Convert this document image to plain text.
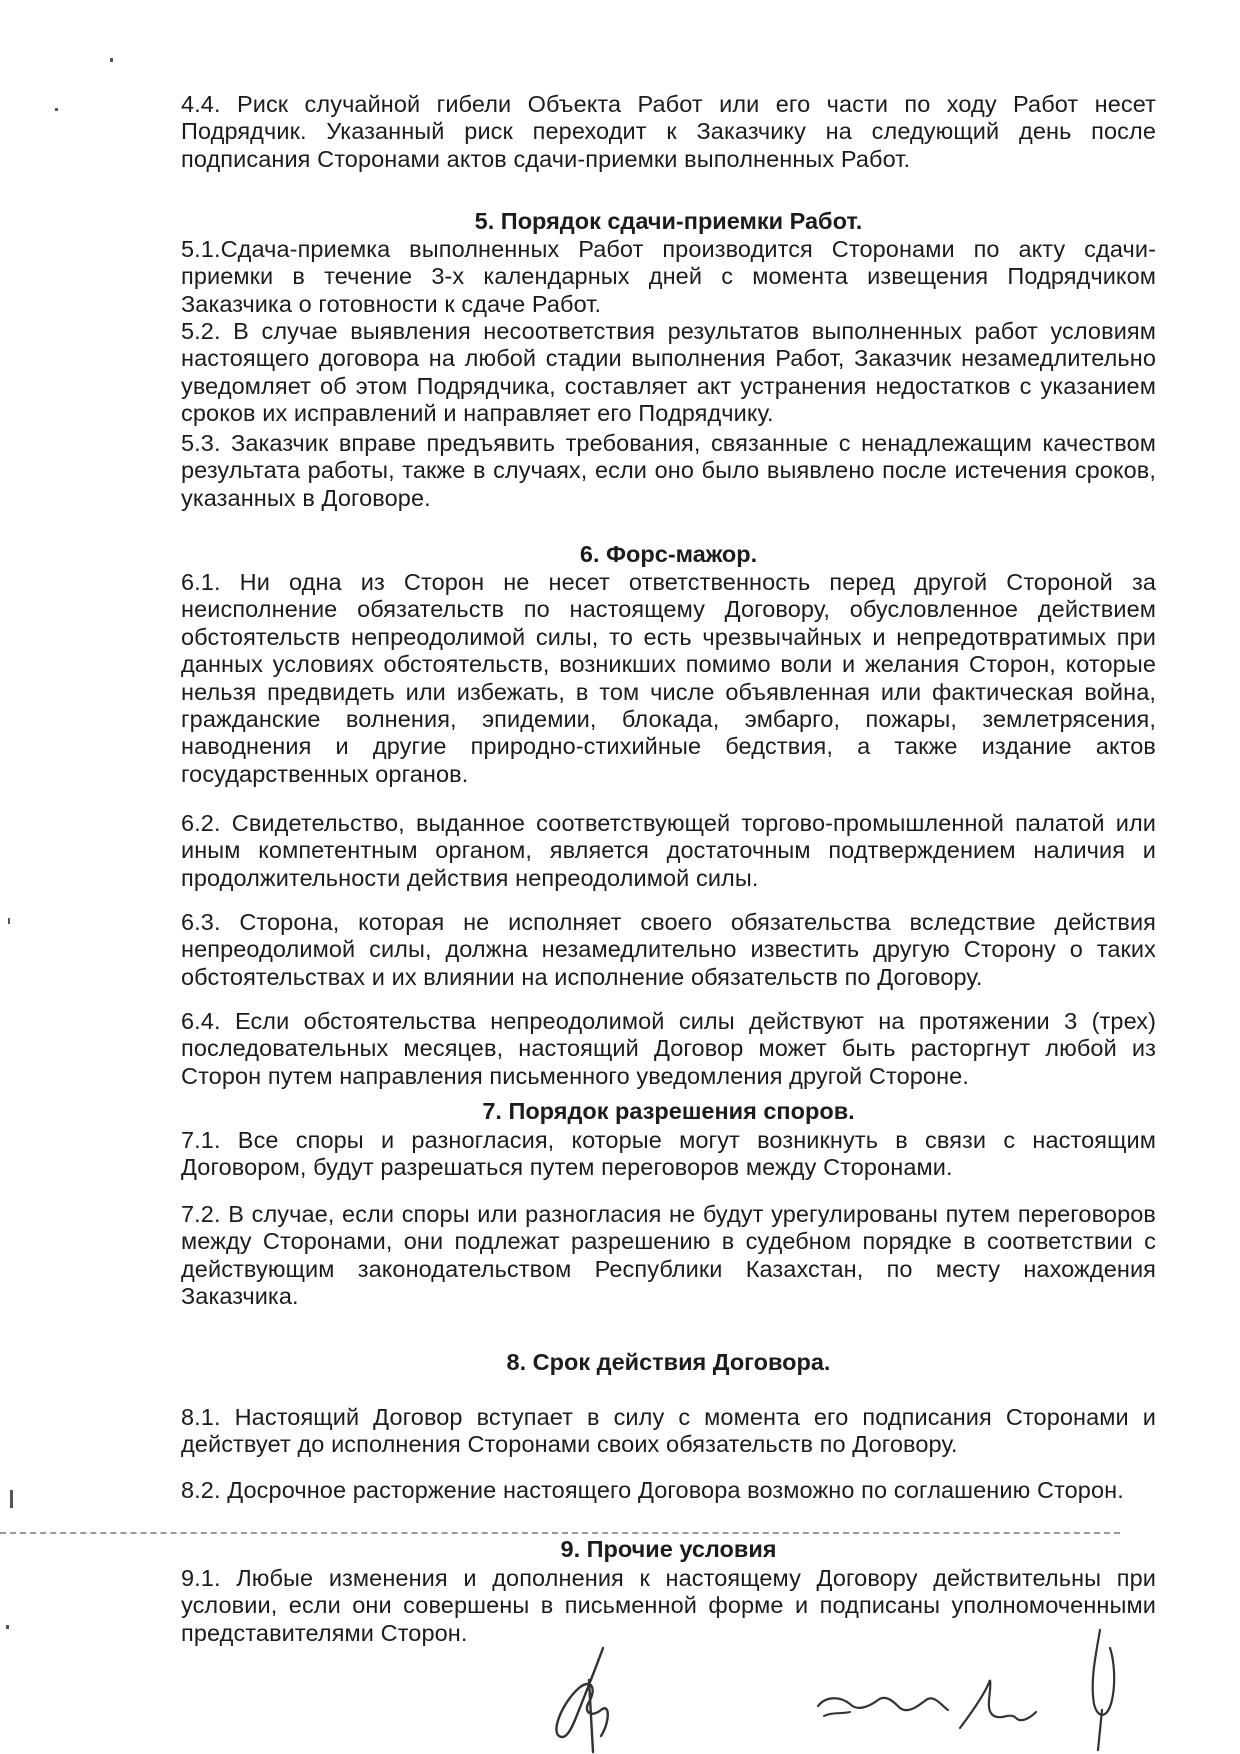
4.4. Риск случайной гибели Объекта Работ или его части по ходу Работ несет Подрядчик. Указанный риск переходит к Заказчику на следующий день после подписания Сторонами актов сдачи-приемки выполненных Работ.

5. Порядок сдачи-приемки Работ.

5.1.Сдача-приемка выполненных Работ производится Сторонами по акту сдачи-приемки в течение 3-х календарных дней с момента извещения Подрядчиком Заказчика о готовности к сдаче Работ.

5.2. В случае выявления несоответствия результатов выполненных работ условиям настоящего договора на любой стадии выполнения Работ, Заказчик незамедлительно уведомляет об этом Подрядчика, составляет акт устранения недостатков с указанием сроков их исправлений и направляет его Подрядчику.

5.3. Заказчик вправе предъявить требования, связанные с ненадлежащим качеством результата работы, также в случаях, если оно было выявлено после истечения сроков, указанных в Договоре.

6. Форс-мажор.

6.1. Ни одна из Сторон не несет ответственность перед другой Стороной за неисполнение обязательств по настоящему Договору, обусловленное действием обстоятельств непреодолимой силы, то есть чрезвычайных и непредотвратимых при данных условиях обстоятельств, возникших помимо воли и желания Сторон, которые нельзя предвидеть или избежать, в том числе объявленная или фактическая война, гражданские волнения, эпидемии, блокада, эмбарго, пожары, землетрясения, наводнения и другие природно-стихийные бедствия, а также издание актов государственных органов.

6.2. Свидетельство, выданное соответствующей торгово-промышленной палатой или иным компетентным органом, является достаточным подтверждением наличия и продолжительности действия непреодолимой силы.

6.3. Сторона, которая не исполняет своего обязательства вследствие действия непреодолимой силы, должна незамедлительно известить другую Сторону о таких обстоятельствах и их влиянии на исполнение обязательств по Договору.

6.4. Если обстоятельства непреодолимой силы действуют на протяжении 3 (трех) последовательных месяцев, настоящий Договор может быть расторгнут любой из Сторон путем направления письменного уведомления другой Стороне.

7. Порядок разрешения споров.

7.1. Все споры и разногласия, которые могут возникнуть в связи с настоящим Договором, будут разрешаться путем переговоров между Сторонами.

7.2. В случае, если споры или разногласия не будут урегулированы путем переговоров между Сторонами, они подлежат разрешению в судебном порядке в соответствии с действующим законодательством Республики Казахстан, по месту нахождения Заказчика.

8. Срок действия Договора.

8.1. Настоящий Договор вступает в силу с момента его подписания Сторонами и действует до исполнения Сторонами своих обязательств по Договору.

8.2. Досрочное расторжение настоящего Договора возможно по соглашению Сторон.

9. Прочие условия

9.1. Любые изменения и дополнения к настоящему Договору действительны при условии, если они совершены в письменной форме и подписаны уполномоченными представителями Сторон.
